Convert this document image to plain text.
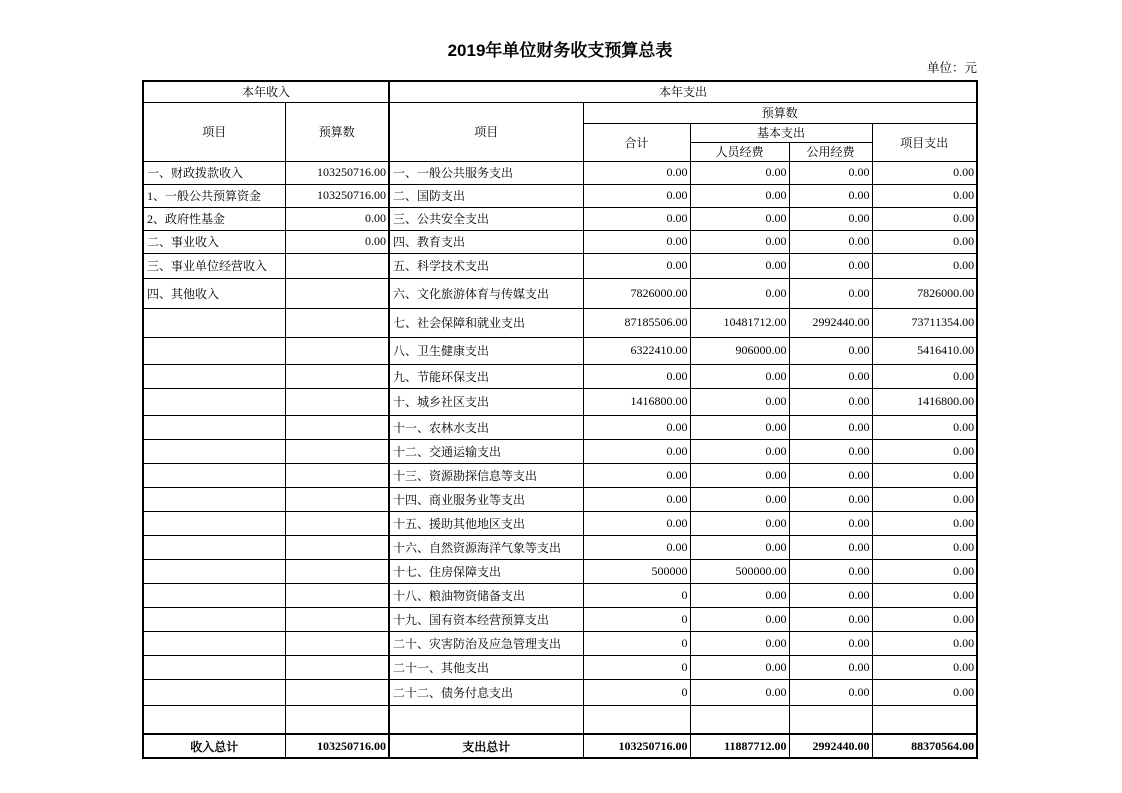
2019年单位财务收支预算总表
单位：元
本年收入		本年支出				
项目	预算数	项目	预算数			
			合计	基本支出		项目支出
				人员经费	公用经费	
一、财政拨款收入	103250716.00	一、一般公共服务支出	0.00	0.00	0.00	0.00
1、一般公共预算资金	103250716.00	二、国防支出	0.00	0.00	0.00	0.00
2、政府性基金	0.00	三、公共安全支出	0.00	0.00	0.00	0.00
二、事业收入	0.00	四、教育支出	0.00	0.00	0.00	0.00
三、事业单位经营收入		五、科学技术支出	0.00	0.00	0.00	0.00
四、其他收入		六、文化旅游体育与传媒支出	7826000.00	0.00	0.00	7826000.00
		七、社会保障和就业支出	87185506.00	10481712.00	2992440.00	73711354.00
		八、卫生健康支出	6322410.00	906000.00	0.00	5416410.00
		九、节能环保支出	0.00	0.00	0.00	0.00
		十、城乡社区支出	1416800.00	0.00	0.00	1416800.00
		十一、农林水支出	0.00	0.00	0.00	0.00
		十二、交通运输支出	0.00	0.00	0.00	0.00
		十三、资源勘探信息等支出	0.00	0.00	0.00	0.00
		十四、商业服务业等支出	0.00	0.00	0.00	0.00
		十五、援助其他地区支出	0.00	0.00	0.00	0.00
		十六、自然资源海洋气象等支出	0.00	0.00	0.00	0.00
		十七、住房保障支出	500000	500000.00	0.00	0.00
		十八、粮油物资储备支出	0	0.00	0.00	0.00
		十九、国有资本经营预算支出	0	0.00	0.00	0.00
		二十、灾害防治及应急管理支出	0	0.00	0.00	0.00
		二十一、其他支出	0	0.00	0.00	0.00
		二十二、债务付息支出	0	0.00	0.00	0.00

收入总计	103250716.00	支出总计	103250716.00	11887712.00	2992440.00	88370564.00
